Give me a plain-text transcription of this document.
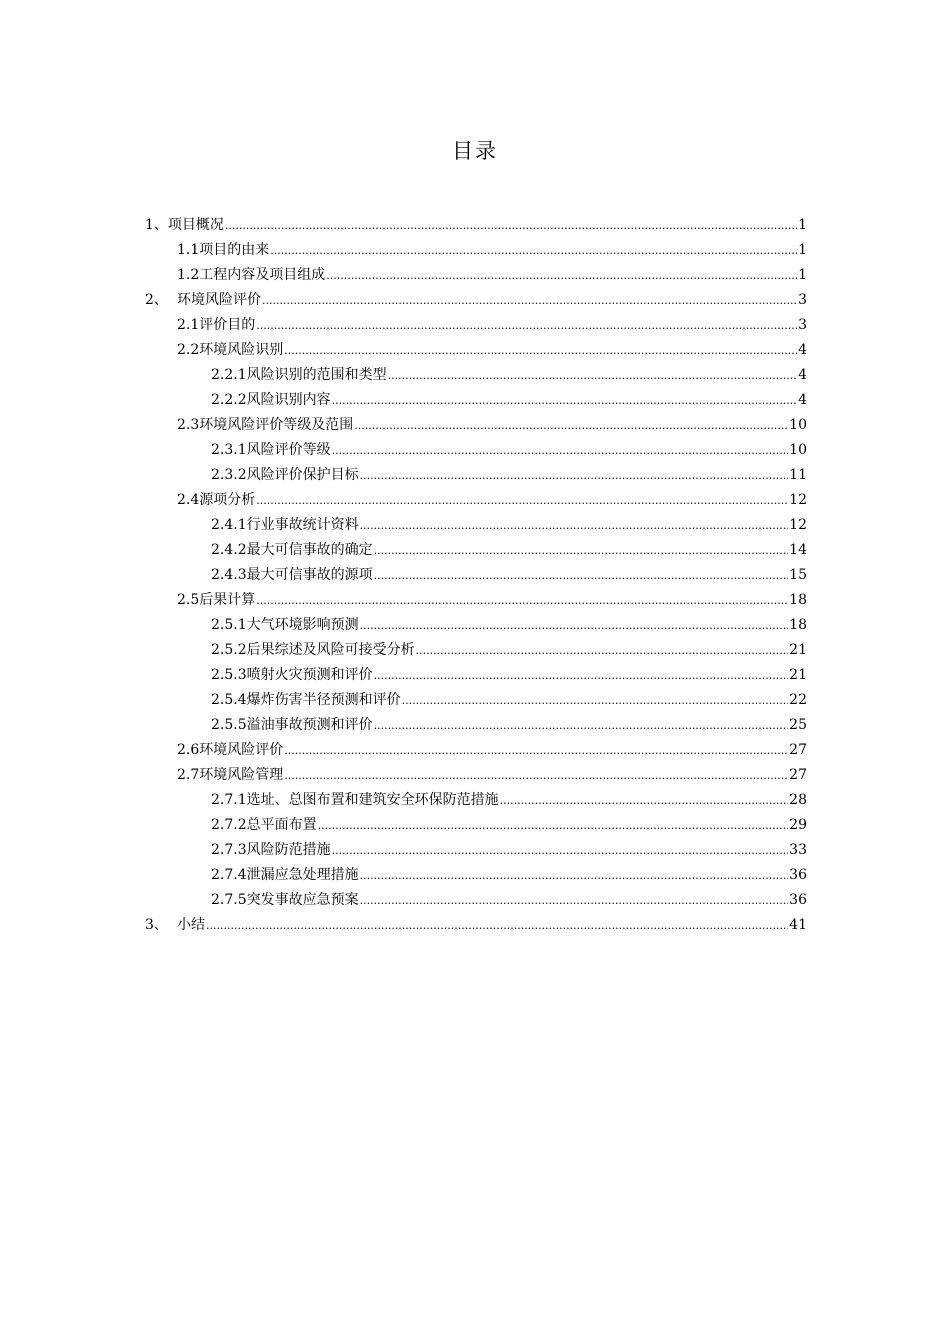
目录
1、 项目概况 .....	1
1.1 项目的由来 .....	1
1.2 工程内容及项目组成 .....	1
2、 环境风险评价 .....	3
2.1 评价目的 .....	3
2.2 环境风险识别 .....	4
2.2.1 风险识别的范围和类型 .....	4
2.2.2 风险识别内容 .....	4
2.3 环境风险评价等级及范围 .....	10
2.3.1 风险评价等级 .....	10
2.3.2 风险评价保护目标 .....	11
2.4 源项分析 .....	12
2.4.1 行业事故统计资料 .....	12
2.4.2 最大可信事故的确定 .....	14
2.4.3 最大可信事故的源项 .....	15
2.5 后果计算 .....	18
2.5.1 大气环境影响预测 .....	18
2.5.2 后果综述及风险可接受分析 .....	21
2.5.3 喷射火灾预测和评价 .....	21
2.5.4 爆炸伤害半径预测和评价 .....	22
2.5.5 溢油事故预测和评价 .....	25
2.6 环境风险评价 .....	27
2.7 环境风险管理 .....	27
2.7.1 选址、总图布置和建筑安全环保防范措施 .....	28
2.7.2 总平面布置 .....	29
2.7.3 风险防范措施 .....	33
2.7.4 泄漏应急处理措施 .....	36
2.7.5 突发事故应急预案 .....	36
3、 小结 .....	41
